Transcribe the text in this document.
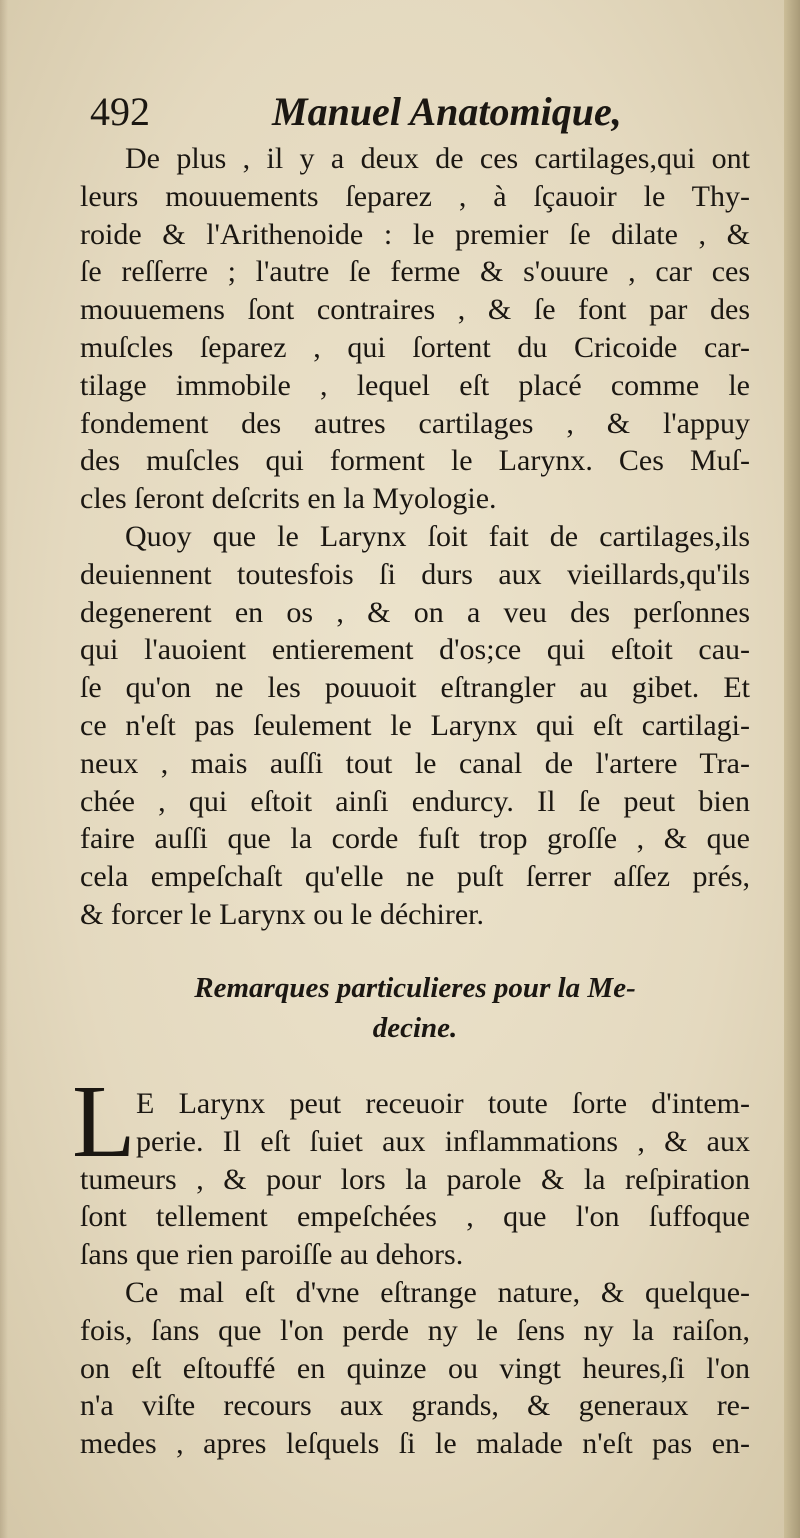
492	Manuel Anatomique,
De plus , il y a deux de ces cartilages,qui ont
leurs mouuements ſeparez , à ſçauoir le Thy-
roide & l'Arithenoide : le premier ſe dilate , &
ſe reſſerre ; l'autre ſe ferme & s'ouure , car ces
mouuemens ſont contraires , & ſe font par des
muſcles ſeparez , qui ſortent du Cricoide car-
tilage immobile , lequel eſt placé comme le
fondement des autres cartilages , & l'appuy
des muſcles qui forment le Larynx. Ces Muſ-
cles ſeront deſcrits en la Myologie.
Quoy que le Larynx ſoit fait de cartilages,ils
deuiennent toutesfois ſi durs aux vieillards,qu'ils
degenerent en os , & on a veu des perſonnes
qui l'auoient entierement d'os;ce qui eſtoit cau-
ſe qu'on ne les pouuoit eſtrangler au gibet. Et
ce n'eſt pas ſeulement le Larynx qui eſt cartilagi-
neux , mais auſſi tout le canal de l'artere Tra-
chée , qui eſtoit ainſi endurcy. Il ſe peut bien
faire auſſi que la corde fuſt trop groſſe , & que
cela empeſchaſt qu'elle ne puſt ſerrer aſſez prés,
& forcer le Larynx ou le déchirer.
Remarques particulieres pour la Me-
decine.
L E Larynx peut receuoir toute ſorte d'intem-
perie. Il eſt ſuiet aux inflammations , & aux
tumeurs , & pour lors la parole & la reſpiration
ſont tellement empeſchées , que l'on ſuffoque
ſans que rien paroiſſe au dehors.
Ce mal eſt d'vne eſtrange nature, & quelque-
fois, ſans que l'on perde ny le ſens ny la raiſon,
on eſt eſtouffé en quinze ou vingt heures,ſi l'on
n'a viſte recours aux grands, & generaux re-
medes , apres leſquels ſi le malade n'eſt pas en-
